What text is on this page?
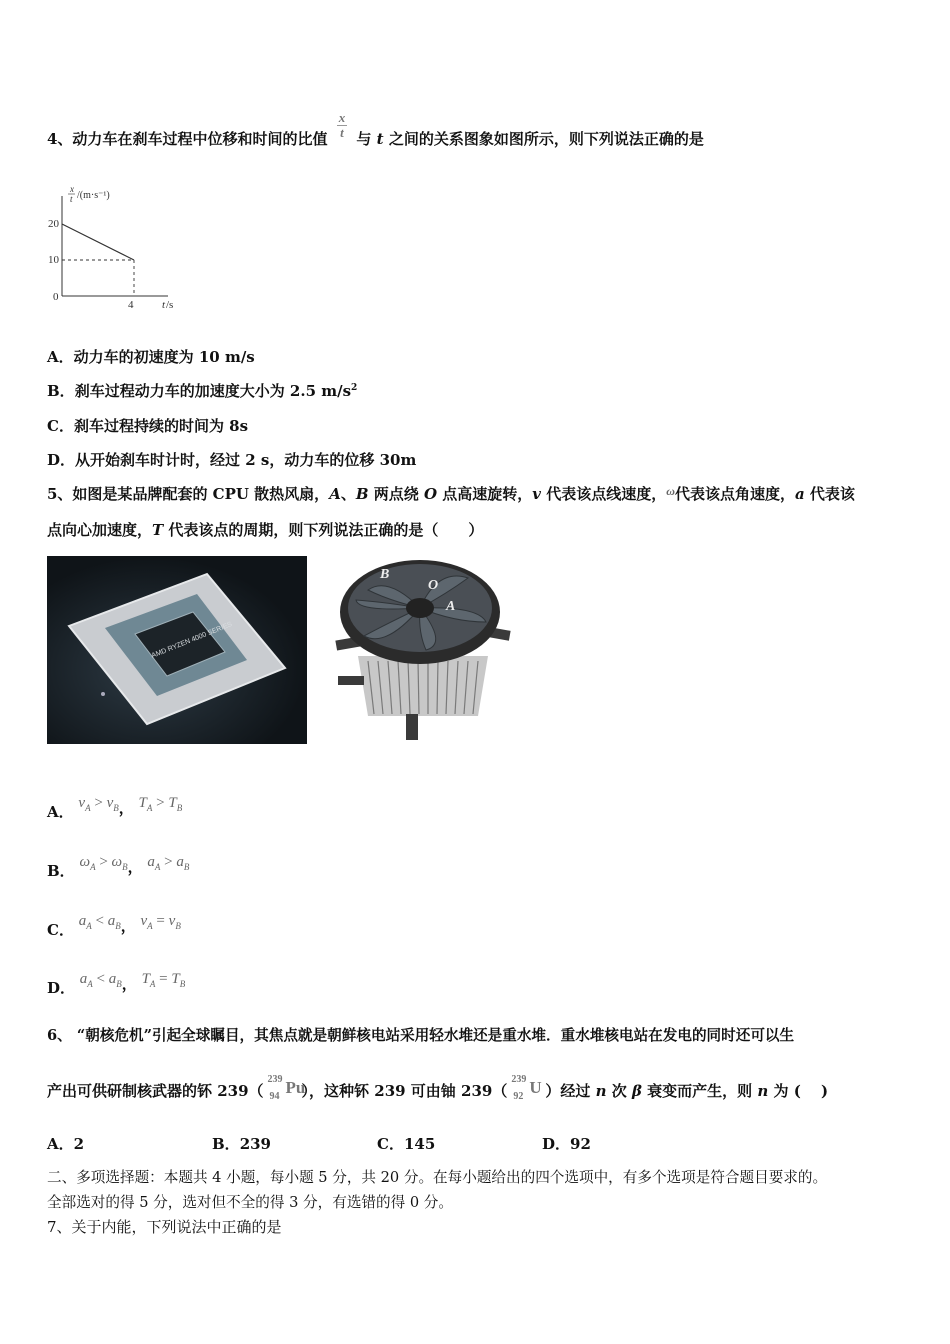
4、动力车在刹车过程中位移和时间的比值 $\frac{x}{t}$ 与 t 之间的关系图象如图所示，则下列说法正确的是
x
t /(m·s⁻¹)
20
10
0
4	t /s
A．动力车的初速度为 10 m/s
B．刹车过程动力车的加速度大小为 2.5 $m/s^2$
C．刹车过程持续的时间为 8s
D．从开始刹车时计时，经过 2 s，动力车的位移 30m
5、如图是某品牌配套的 CPU 散热风扇，A、B 两点绕 O 点高速旋转，v 代表该点线速度，$^\omega$代表该点角速度，a 代表该
点向心加速度，T 代表该点的周期，则下列说法正确的是（　　）
AMD RYZEN 4000 SERIES
B
O
A
A． $v_A > v_B$， $T_A > T_B$
B． $\omega_A > \omega_B$， $a_A > a_B$
C． $a_A < a_B$， $v_A = v_B$
D． $a_A < a_B$， $T_A = T_B$
6、 “朝核危机”引起全球瞩目，其焦点就是朝鲜核电站采用轻水堆还是重水堆．重水堆核电站在发电的同时还可以生
产出可供研制核武器的钚 239（
239
94 Pu
），这种钚 239 可由铀 239（
239
92 U ）经过 n 次 β 衰变而产生，则 n 为 (　 )
A．2	B．239	C．145	D．92
二、多项选择题：本题共 4 小题，每小题 5 分，共 20 分。在每小题给出的四个选项中，有多个选项是符合题目要求的。
全部选对的得 5 分，选对但不全的得 3 分，有选错的得 0 分。
7、关于内能，下列说法中正确的是
